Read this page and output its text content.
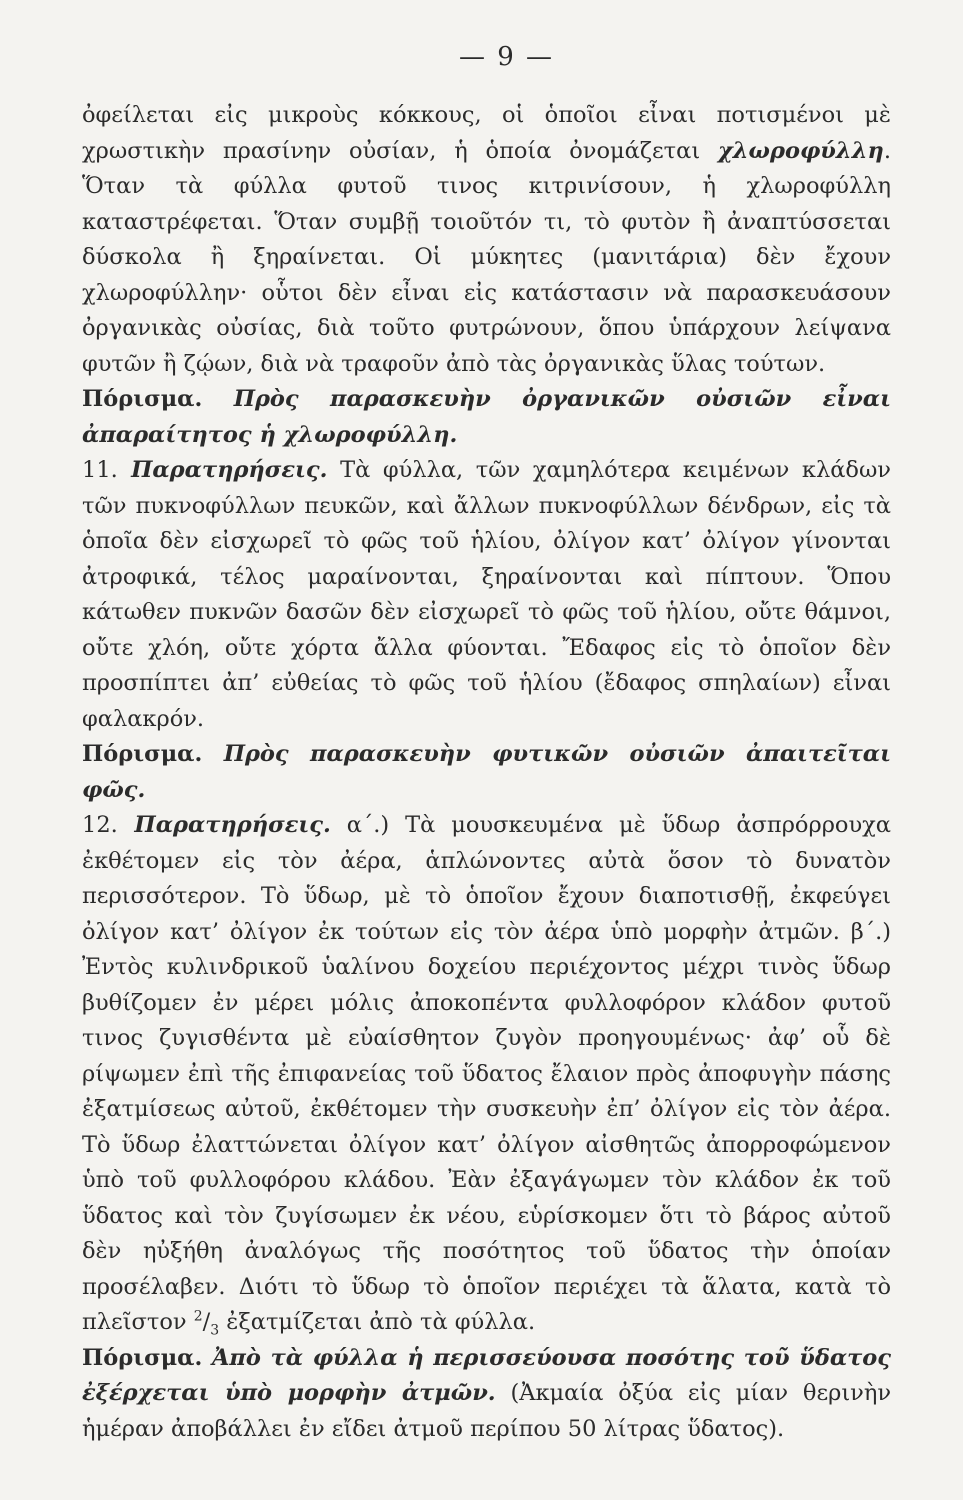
— 9 —

ὀφείλεται εἰς μικροὺς κόκκους, οἱ ὁποῖοι εἶναι ποτισμένοι μὲ χρωστικὴν πρασίνην οὐσίαν, ἡ ὁποία ὀνομάζεται χλωροφύλλη. Ὅταν τὰ φύλλα φυτοῦ τινος κιτρινίσουν, ἡ χλωροφύλλη καταστρέφεται. Ὅταν συμβῇ τοιοῦτόν τι, τὸ φυτὸν ἢ ἀναπτύσσεται δύσκολα ἢ ξηραίνεται. Οἱ μύκητες (μανιτάρια) δὲν ἔχουν χλωροφύλλην· οὗτοι δὲν εἶναι εἰς κατάστασιν νὰ παρασκευάσουν ὀργανικὰς οὐσίας, διὰ τοῦτο φυτρώνουν, ὅπου ὑπάρχουν λείψανα φυτῶν ἢ ζῴων, διὰ νὰ τραφοῦν ἀπὸ τὰς ὀργανικὰς ὕλας τούτων.

Πόρισμα. Πρὸς παρασκευὴν ὀργανικῶν οὐσιῶν εἶναι ἀπαραίτητος ἡ χλωροφύλλη.

11. Παρατηρήσεις. Τὰ φύλλα, τῶν χαμηλότερα κειμένων κλάδων τῶν πυκνοφύλλων πευκῶν, καὶ ἄλλων πυκνοφύλλων δένδρων, εἰς τὰ ὁποῖα δὲν εἰσχωρεῖ τὸ φῶς τοῦ ἡλίου, ὀλίγον κατ’ ὀλίγον γίνονται ἀτροφικά, τέλος μαραίνονται, ξηραίνονται καὶ πίπτουν. Ὅπου κάτωθεν πυκνῶν δασῶν δὲν εἰσχωρεῖ τὸ φῶς τοῦ ἡλίου, οὔτε θάμνοι, οὔτε χλόη, οὔτε χόρτα ἄλλα φύονται. Ἔδαφος εἰς τὸ ὁποῖον δὲν προσπίπτει ἀπ’ εὐθείας τὸ φῶς τοῦ ἡλίου (ἔδαφος σπηλαίων) εἶναι φαλακρόν.

Πόρισμα. Πρὸς παρασκευὴν φυτικῶν οὐσιῶν ἀπαιτεῖται φῶς.

12. Παρατηρήσεις. α΄.) Τὰ μουσκευμένα μὲ ὕδωρ ἀσπρόρρουχα ἐκθέτομεν εἰς τὸν ἀέρα, ἁπλώνοντες αὐτὰ ὅσον τὸ δυνατὸν περισσότερον. Τὸ ὕδωρ, μὲ τὸ ὁποῖον ἔχουν διαποτισθῇ, ἐκφεύγει ὀλίγον κατ’ ὀλίγον ἐκ τούτων εἰς τὸν ἀέρα ὑπὸ μορφὴν ἀτμῶν. β΄.) Ἐντὸς κυλινδρικοῦ ὑαλίνου δοχείου περιέχοντος μέχρι τινὸς ὕδωρ βυθίζομεν ἐν μέρει μόλις ἀποκοπέντα φυλλοφόρον κλάδον φυτοῦ τινος ζυγισθέντα μὲ εὐαίσθητον ζυγὸν προηγουμένως· ἀφ’ οὗ δὲ ρίψωμεν ἐπὶ τῆς ἐπιφανείας τοῦ ὕδατος ἔλαιον πρὸς ἀποφυγὴν πάσης ἐξατμίσεως αὐτοῦ, ἐκθέτομεν τὴν συσκευὴν ἐπ’ ὀλίγον εἰς τὸν ἀέρα. Τὸ ὕδωρ ἐλαττώνεται ὀλίγον κατ’ ὀλίγον αἰσθητῶς ἀπορροφώμενον ὑπὸ τοῦ φυλλοφόρου κλάδου. Ἐὰν ἐξαγάγωμεν τὸν κλάδον ἐκ τοῦ ὕδατος καὶ τὸν ζυγίσωμεν ἐκ νέου, εὑρίσκομεν ὅτι τὸ βάρος αὐτοῦ δὲν ηὐξήθη ἀναλόγως τῆς ποσότητος τοῦ ὕδατος τὴν ὁποίαν προσέλαβεν. Διότι τὸ ὕδωρ τὸ ὁποῖον περιέχει τὰ ἅλατα, κατὰ τὸ πλεῖστον $^2/_3$ ἐξατμίζεται ἀπὸ τὰ φύλλα.

Πόρισμα. Ἀπὸ τὰ φύλλα ἡ περισσεύουσα ποσότης τοῦ ὕδατος ἐξέρχεται ὑπὸ μορφὴν ἀτμῶν. (Ἀκμαία ὀξύα εἰς μίαν θερινὴν ἡμέραν ἀποβάλλει ἐν εἴδει ἀτμοῦ περίπου 50 λίτρας ὕδατος).
